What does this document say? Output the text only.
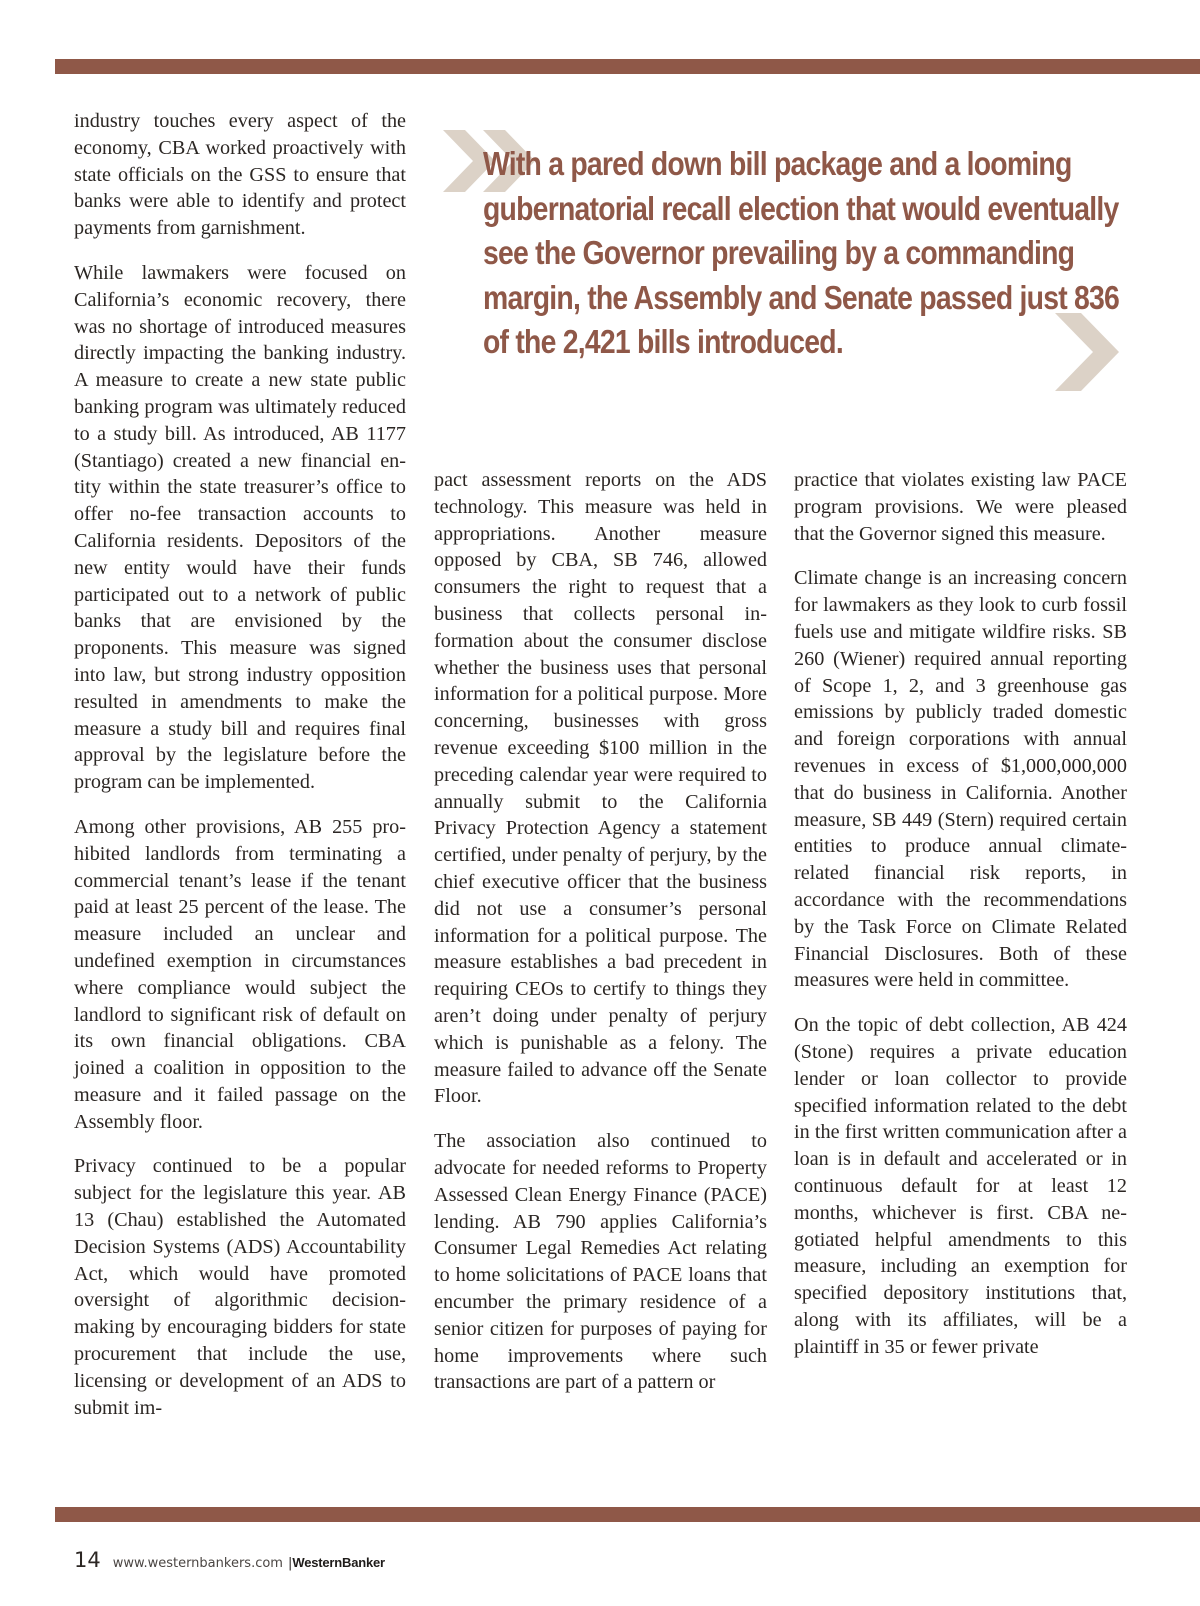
With a pared down bill package and a looming gubernatorial recall election that would eventually see the Governor prevailing by a commanding margin, the Assembly and Senate passed just 836 of the 2,421 bills introduced.

industry touches every aspect of the economy, CBA worked proactively with state officials on the GSS to ensure that banks were able to identify and protect payments from garnishment.

While lawmakers were focused on California’s economic recovery, there was no shortage of introduced measures directly impacting the banking industry. A measure to create a new state public banking program was ultimately reduced to a study bill. As introduced, AB 1177 (Stantiago) created a new financial entity within the state treasurer’s office to offer no-fee transaction accounts to California residents. Depositors of the new entity would have their funds participated out to a network of public banks that are envisioned by the proponents. This measure was signed into law, but strong industry opposition resulted in amendments to make the measure a study bill and requires final approval by the legislature before the program can be implemented.

Among other provisions, AB 255 prohibited landlords from terminating a commercial tenant’s lease if the tenant paid at least 25 percent of the lease. The measure included an unclear and undefined exemption in circumstances where compliance would subject the landlord to significant risk of default on its own financial obligations. CBA joined a coalition in opposition to the measure and it failed passage on the Assembly floor.

Privacy continued to be a popular subject for the legislature this year. AB 13 (Chau) established the Automated Decision Systems (ADS) Accountability Act, which would have promoted oversight of algorithmic decision-making by encouraging bidders for state procurement that include the use, licensing or development of an ADS to submit im-

pact assessment reports on the ADS technology. This measure was held in appropriations. Another measure opposed by CBA, SB 746, allowed consumers the right to request that a business that collects personal information about the consumer disclose whether the business uses that personal information for a political purpose. More concerning, businesses with gross revenue exceeding $100 million in the preceding calendar year were required to annually submit to the California Privacy Protection Agency a statement certified, under penalty of perjury, by the chief executive officer that the business did not use a consumer’s personal information for a political purpose. The measure establishes a bad precedent in requiring CEOs to certify to things they aren’t doing under penalty of perjury which is punishable as a felony. The measure failed to advance off the Senate Floor.

The association also continued to advocate for needed reforms to Property Assessed Clean Energy Finance (PACE) lending. AB 790 applies California’s Consumer Legal Remedies Act relating to home solicitations of PACE loans that encumber the primary residence of a senior citizen for purposes of paying for home improvements where such transactions are part of a pattern or

practice that violates existing law PACE program provisions. We were pleased that the Governor signed this measure.

Climate change is an increasing concern for lawmakers as they look to curb fossil fuels use and mitigate wildfire risks. SB 260 (Wiener) required annual reporting of Scope 1, 2, and 3 greenhouse gas emissions by publicly traded domestic and foreign corporations with annual revenues in excess of $1,000,000,000 that do business in California. Another measure, SB 449 (Stern) required certain entities to produce annual climate-related financial risk reports, in accordance with the recommendations by the Task Force on Climate Related Financial Disclosures. Both of these measures were held in committee.

On the topic of debt collection, AB 424 (Stone) requires a private education lender or loan collector to provide specified information related to the debt in the first written communication after a loan is in default and accelerated or in continuous default for at least 12 months, whichever is first. CBA negotiated helpful amendments to this measure, including an exemption for specified depository institutions that, along with its affiliates, will be a plaintiff in 35 or fewer private

14 www.westernbankers.com | WesternBanker
